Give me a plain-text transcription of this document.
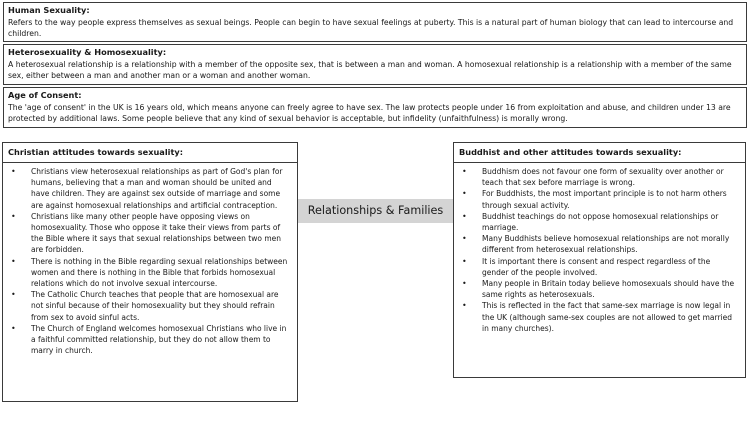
Human Sexuality:
Refers to the way people express themselves as sexual beings. People can begin to have sexual feelings at puberty. This is a natural part of human biology that can lead to intercourse and children.
Heterosexuality & Homosexuality:
A heterosexual relationship is a relationship with a member of the opposite sex, that is between a man and woman. A homosexual relationship is a relationship with a member of the same sex, either between a man and another man or a woman and another woman.
Age of Consent:
The 'age of consent' in the UK is 16 years old, which means anyone can freely agree to have sex. The law protects people under 16 from exploitation and abuse, and children under 13 are protected by additional laws. Some people believe that any kind of sexual behavior is acceptable, but infidelity (unfaithfulness) is morally wrong.
Christian attitudes towards sexuality:
• Christians view heterosexual relationships as part of God's plan for humans, believing that a man and woman should be united and have children. They are against sex outside of marriage and some are against homosexual relationships and artificial contraception.
• Christians like many other people have opposing views on homosexuality. Those who oppose it take their views from parts of the Bible where it says that sexual relationships between two men are forbidden.
• There is nothing in the Bible regarding sexual relationships between women and there is nothing in the Bible that forbids homosexual relations which do not involve sexual intercourse.
• The Catholic Church teaches that people that are homosexual are not sinful because of their homosexuality but they should refrain from sex to avoid sinful acts.
• The Church of England welcomes homosexual Christians who live in a faithful committed relationship, but they do not allow them to marry in church.
Relationships & Families
Buddhist and other attitudes towards sexuality:
• Buddhism does not favour one form of sexuality over another or teach that sex before marriage is wrong.
• For Buddhists, the most important principle is to not harm others through sexual activity.
• Buddhist teachings do not oppose homosexual relationships or marriage.
• Many Buddhists believe homosexual relationships are not morally different from heterosexual relationships.
• It is important there is consent and respect regardless of the gender of the people involved.
• Many people in Britain today believe homosexuals should have the same rights as heterosexuals.
• This is reflected in the fact that same-sex marriage is now legal in the UK (although same-sex couples are not allowed to get married in many churches).
